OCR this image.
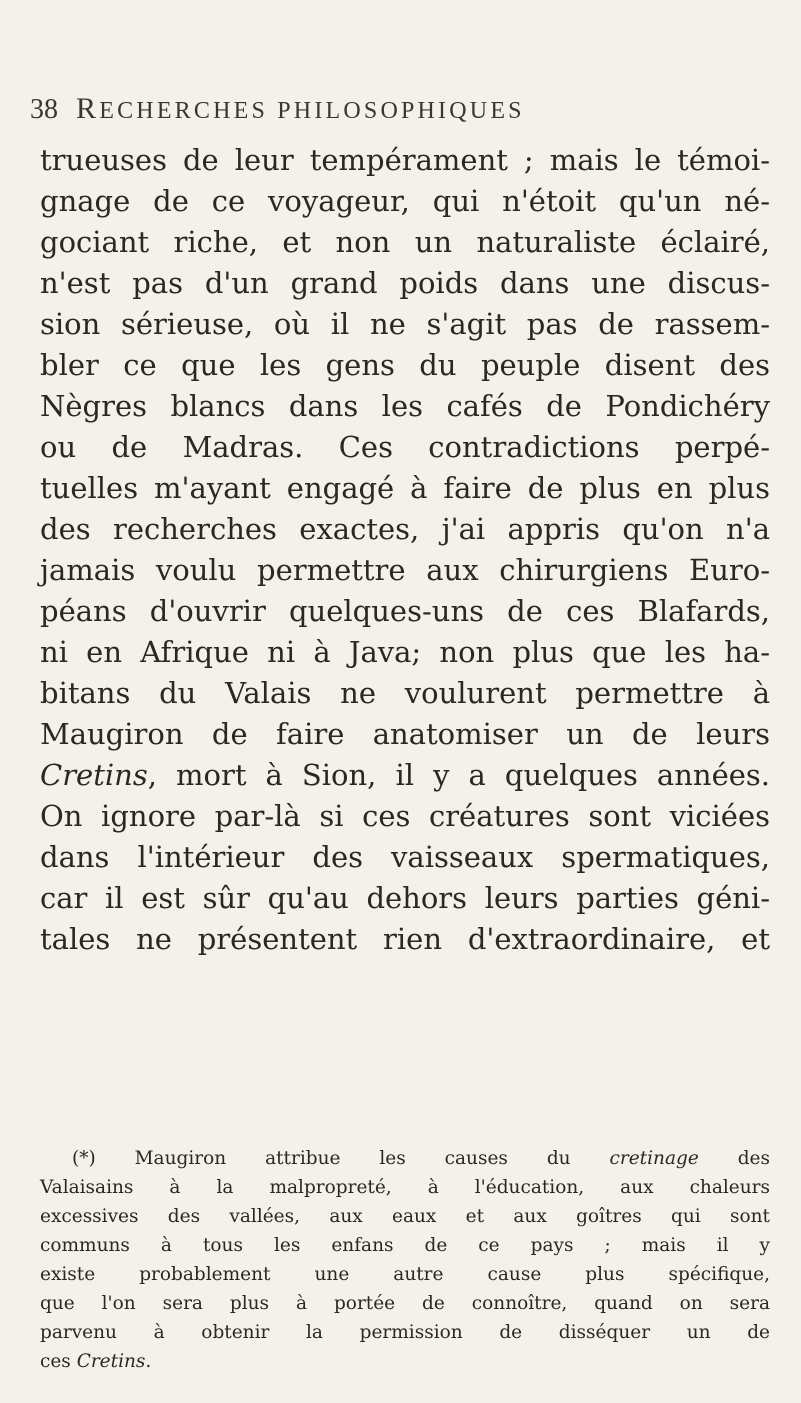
38 RECHERCHES PHILOSOPHIQUES
trueuses de leur tempérament ; mais le témoi-
gnage de ce voyageur, qui n'étoit qu'un né-
gociant riche, et non un naturaliste éclairé,
n'est pas d'un grand poids dans une discus-
sion sérieuse, où il ne s'agit pas de rassem-
bler ce que les gens du peuple disent des
Nègres blancs dans les cafés de Pondichéry
ou de Madras. Ces contradictions perpé-
tuelles m'ayant engagé à faire de plus en plus
des recherches exactes, j'ai appris qu'on n'a
jamais voulu permettre aux chirurgiens Euro-
péans d'ouvrir quelques-uns de ces Blafards,
ni en Afrique ni à Java; non plus que les ha-
bitans du Valais ne voulurent permettre à
Maugiron de faire anatomiser un de leurs
Cretins, mort à Sion, il y a quelques années.
On ignore par-là si ces créatures sont viciées
dans l'intérieur des vaisseaux spermatiques,
car il est sûr qu'au dehors leurs parties géni-
tales ne présentent rien d'extraordinaire, et
(*) Maugiron attribue les causes du cretinage des
Valaisains à la malpropreté, à l'éducation, aux chaleurs
excessives des vallées, aux eaux et aux goîtres qui sont
communs à tous les enfans de ce pays ; mais il y
existe probablement une autre cause plus spécifique,
que l'on sera plus à portée de connoître, quand on sera
parvenu à obtenir la permission de disséquer un de
ces Cretins.
